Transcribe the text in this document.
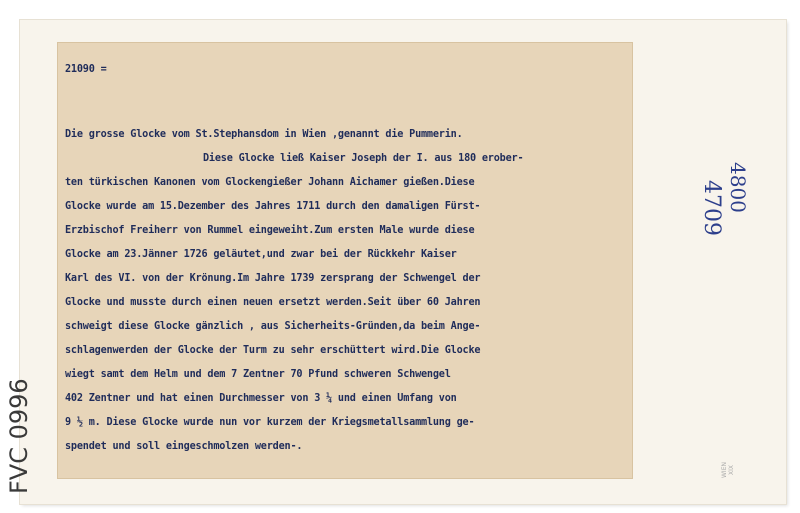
21090 =
Die grosse Glocke vom St.Stephansdom in Wien ,genannt die Pummerin.
Diese Glocke ließ Kaiser Joseph der I. aus 180 erober-
ten türkischen Kanonen vom Glockengießer Johann Aichamer gießen.Diese
Glocke wurde am 15.Dezember des Jahres 1711 durch den damaligen Fürst-
Erzbischof Freiherr von Rummel eingeweiht.Zum ersten Male wurde diese
Glocke am 23.Jänner 1726 geläutet,und zwar bei der Rückkehr Kaiser
Karl des VI. von der Krönung.Im Jahre 1739 zersprang der Schwengel der
Glocke und musste durch einen neuen ersetzt werden.Seit über 60 Jahren
schweigt diese Glocke gänzlich , aus Sicherheits-Gründen,da beim Ange-
schlagenwerden der Glocke der Turm zu sehr erschüttert wird.Die Glocke
wiegt samt dem Helm und dem 7 Zentner 70 Pfund schweren Schwengel
402 Zentner und hat einen Durchmesser von 3 ¼ und einen Umfang von
9 ½ m. Diese Glocke wurde nun vor kurzem der Kriegsmetallsammlung ge-
spendet und soll eingeschmolzen werden-.
4800
4709
FVC 0996	WIEN XIX
